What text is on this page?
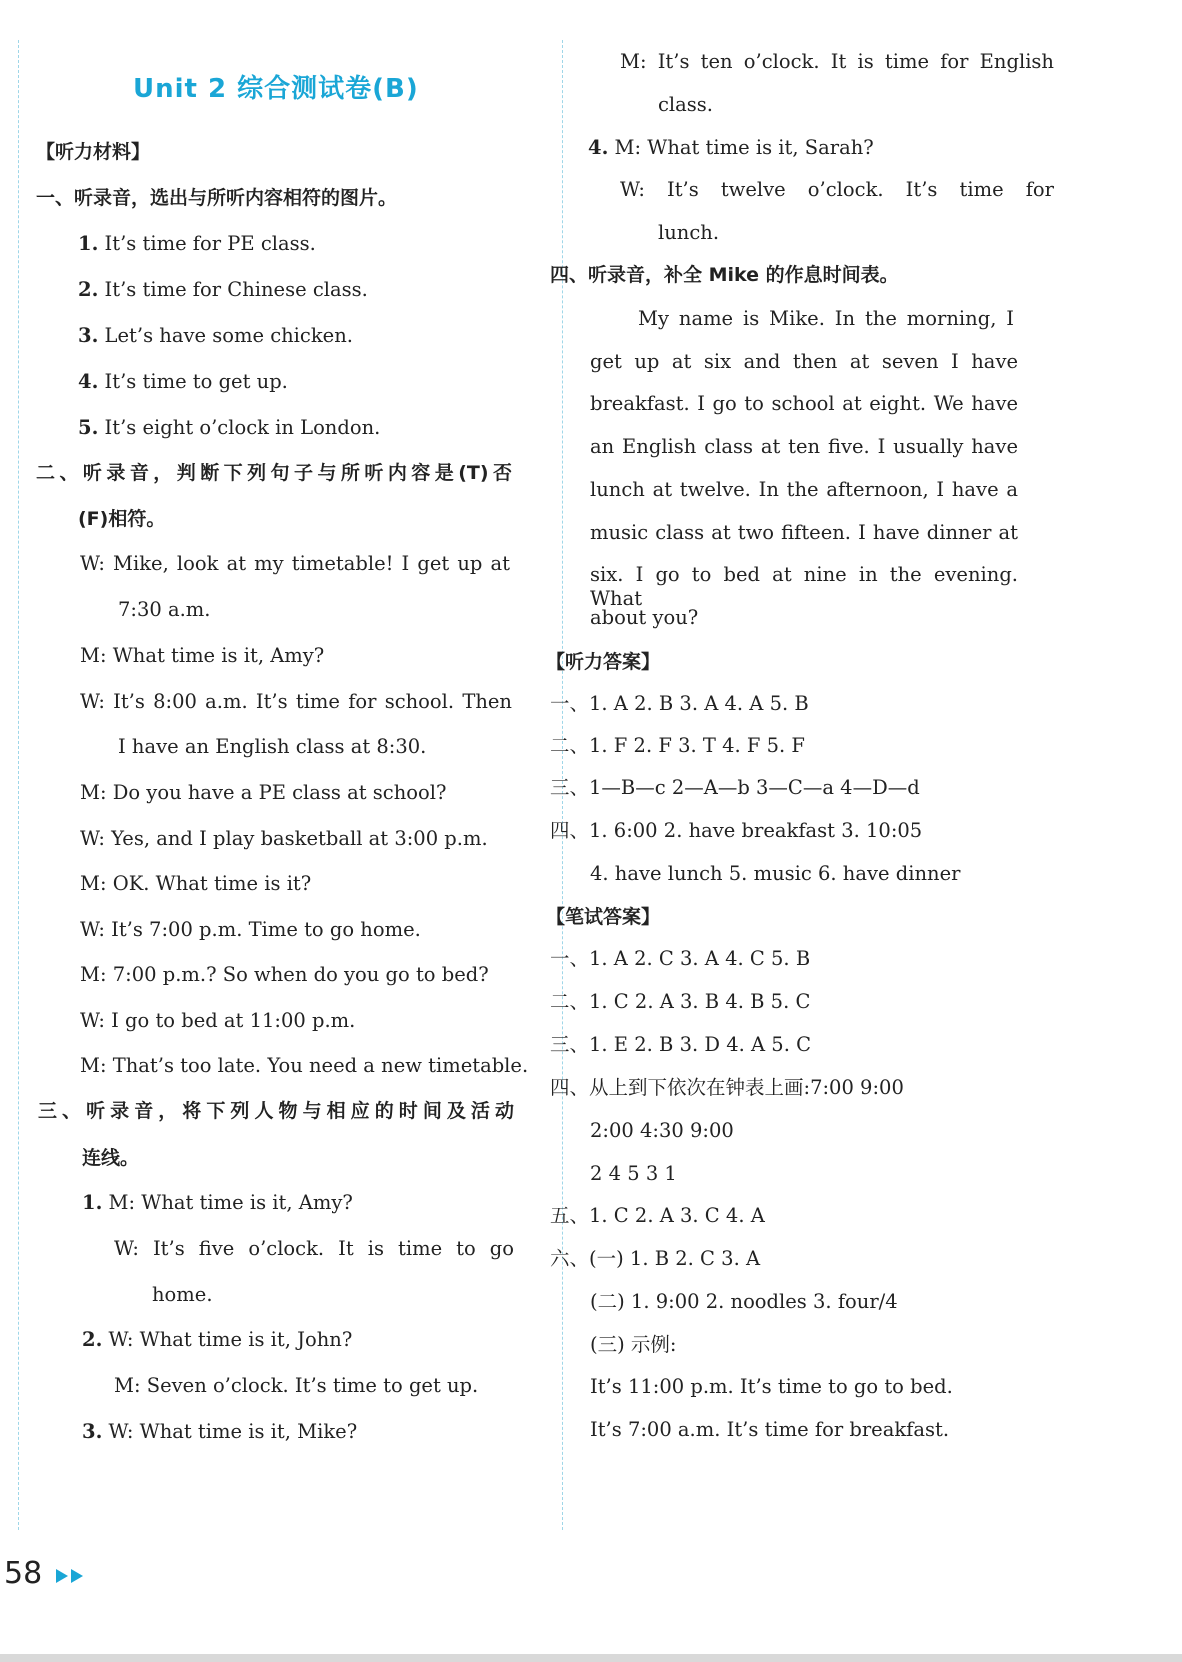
Unit 2 综合测试卷(B)
【听力材料】
一、听录音，选出与所听内容相符的图片。
1. It’s time for PE class.
2. It’s time for Chinese class.
3. Let’s have some chicken.
4. It’s time to get up.
5. It’s eight o’clock in London.
二、听录音，判断下列句子与所听内容是(T)否
(F)相符。
W: Mike, look at my timetable! I get up at
7:30 a.m.
M: What time is it, Amy?
W: It’s 8:00 a.m. It’s time for school. Then
I have an English class at 8:30.
M: Do you have a PE class at school?
W: Yes, and I play basketball at 3:00 p.m.
M: OK. What time is it?
W: It’s 7:00 p.m. Time to go home.
M: 7:00 p.m.? So when do you go to bed?
W: I go to bed at 11:00 p.m.
M: That’s too late. You need a new timetable.
三、听录音，将下列人物与相应的时间及活动
连线。
1. M: What time is it, Amy?
W: It’s five o’clock. It is time to go
home.
2. W: What time is it, John?
M: Seven o’clock. It’s time to get up.
3. W: What time is it, Mike?
M: It’s ten o’clock. It is time for English
class.
4. M: What time is it, Sarah?
W: It’s twelve o’clock. It’s time for
lunch.
四、听录音，补全 Mike 的作息时间表。
My name is Mike. In the morning, I
get up at six and then at seven I have
breakfast. I go to school at eight. We have
an English class at ten five. I usually have
lunch at twelve. In the afternoon, I have a
music class at two fifteen. I have dinner at
six. I go to bed at nine in the evening. What
about you?
【听力答案】
一、1. A 2. B 3. A 4. A 5. B
二、1. F 2. F 3. T 4. F 5. F
三、1—B—c 2—A—b 3—C—a 4—D—d
四、1. 6:00 2. have breakfast 3. 10:05
4. have lunch 5. music 6. have dinner
【笔试答案】
一、1. A 2. C 3. A 4. C 5. B
二、1. C 2. A 3. B 4. B 5. C
三、1. E 2. B 3. D 4. A 5. C
四、从上到下依次在钟表上画:7:00 9:00
2:00 4:30 9:00
2 4 5 3 1
五、1. C 2. A 3. C 4. A
六、(一) 1. B 2. C 3. A
(二) 1. 9:00 2. noodles 3. four/4
(三) 示例:
It’s 11:00 p.m. It’s time to go to bed.
It’s 7:00 a.m. It’s time for breakfast.
58
